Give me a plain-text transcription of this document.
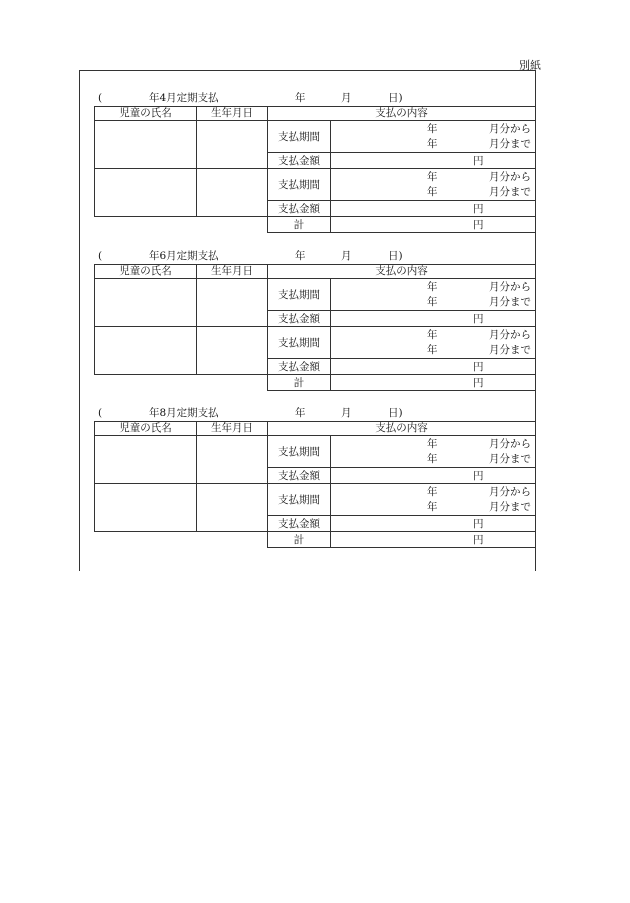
別紙
(	年4月定期支払	年	月	日)
児童の氏名	生年月日	支払の内容	
		支払期間	年 月分から
年 月分まで

		支払金額	円
		支払期間	年 月分から
年 月分まで

		支払金額	円
		計	円
(	年6月定期支払	年	月	日)
児童の氏名	生年月日	支払の内容	
		支払期間	年 月分から
年 月分まで

		支払金額	円
		支払期間	年 月分から
年 月分まで

		支払金額	円
		計	円
(	年8月定期支払	年	月	日)
児童の氏名	生年月日	支払の内容	
		支払期間	年 月分から
年 月分まで

		支払金額	円
		支払期間	年 月分から
年 月分まで

		支払金額	円
		計	円
